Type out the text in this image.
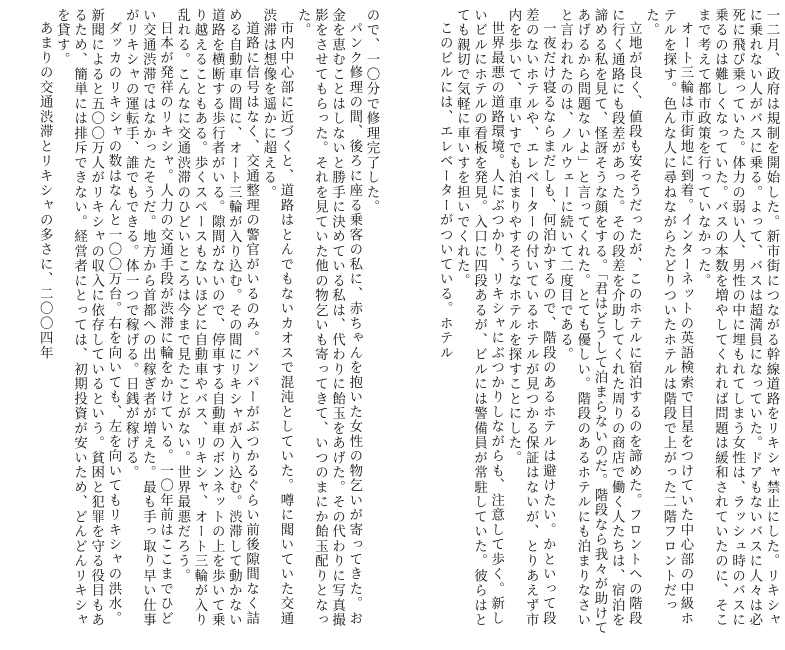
一二月、政府は規制を開始した。新市街につながる幹線道路をリキシャ禁止にした。リキシャに乗れない人がバスに乗る。よって、バスは超満員になっていた。ドアもないバスに人々は必死に飛び乗っていた。体力の弱い人、男性の中に埋もれてしまう女性は、ラッシュ時のバスに乗るのは難しくなっていた。バスの本数を増やしてくれれば問題は緩和されていたのに、そこまで考えて都市政策を行っていなかった。

オート三輪は市街地に到着。インターネットの英語検索で目星をつけていた中心部の中級ホテルを探す。色んな人に尋ねながらたどりついたホテルは階段で上がった二階フロントだった。

立地が良く、値段も安そうだったが、このホテルに宿泊するのを諦めた。フロントへの階段に行く通路にも段差があった。その段差を介助してくれた周りの商店で働く人たちは、宿泊を諦める私を見て、怪訝そうな顔をする。「君はどうして泊まらないのだ。階段なら我々が助けてあげるから問題ないよ」と言ってくれた。とても優しい。階段のあるホテルにも泊まりなさいと言われたのは、ノルウェーに続いて二度目である。

一夜だけ寝るならまだしも、何泊かするので、階段のあるホテルは避けたい。かといって段差のないホテルや、エレベーターの付いているホテルが見つかる保証はないが、とりあえず市内を歩いて、車いすでも泊まりやすそうなホテルを探すことにした。

世界最悪の道路環境。人にぶつかり、リキシャにぶつかりしながらも、注意して歩く。新しいビルにホテルの看板を発見。入口に四段あるが、ビルには警備員が常駐していた。彼らはとても親切で気軽に車いすを担いでくれた。

このビルには、エレベーターがついている。ホテル

ので、一〇分で修理完了した。

パンク修理の間、後ろに座る乗客の私に、赤ちゃんを抱いた女性の物乞いが寄ってきた。お金を恵むことはしないと勝手に決めている私は、代わりに飴玉をあげた。その代わりに写真撮影をさせてもらった。それを見ていた他の物乞いも寄ってきて、いつのまにか飴玉配りとなった。

市内中心部に近づくと、道路はとんでもないカオスで混沌としていた。噂に聞いていた交通渋滞は想像を遥かに超える。

道路に信号はなく、交通整理の警官がいるのみ。バンパーがぶつかるぐらい前後隙間なく詰める自動車の間に、オート三輪が入り込む。その間にリキシャが入り込む。渋滞して動かない道路を横断する歩行者がいる。隙間がないので、停車する自動車のボンネットの上を歩いて乗り越えることもある。歩くスペースもないほどに自動車やバス、リキシャ、オート三輪が入り乱れる。こんなに交通渋滞のひどいところは今まで見たことがない。世界最悪だろう。

日本が発祥のリキシャ。人力の交通手段が渋滞に輪をかけている。一〇年前はここまでひどい交通渋滞ではなかったそうだ。地方から首都への出稼ぎ者が増えた。最も手っ取り早い仕事がリキシャの運転手、誰でもできる。体一つで稼げる。日銭が稼げる。

ダッカのリキシャの数はなんと一〇〇万台。右を向いても、左を向いてもリキシャの洪水。新聞によると五〇〇万人がリキシャの収入に依存しているという。貧困と犯罪を守る役目もあるため、簡単には排斥できない。経営者にとっては、初期投資が安いため、どんどんリキシャを貸す。

あまりの交通渋滞とリキシャの多さに、二〇〇四年
